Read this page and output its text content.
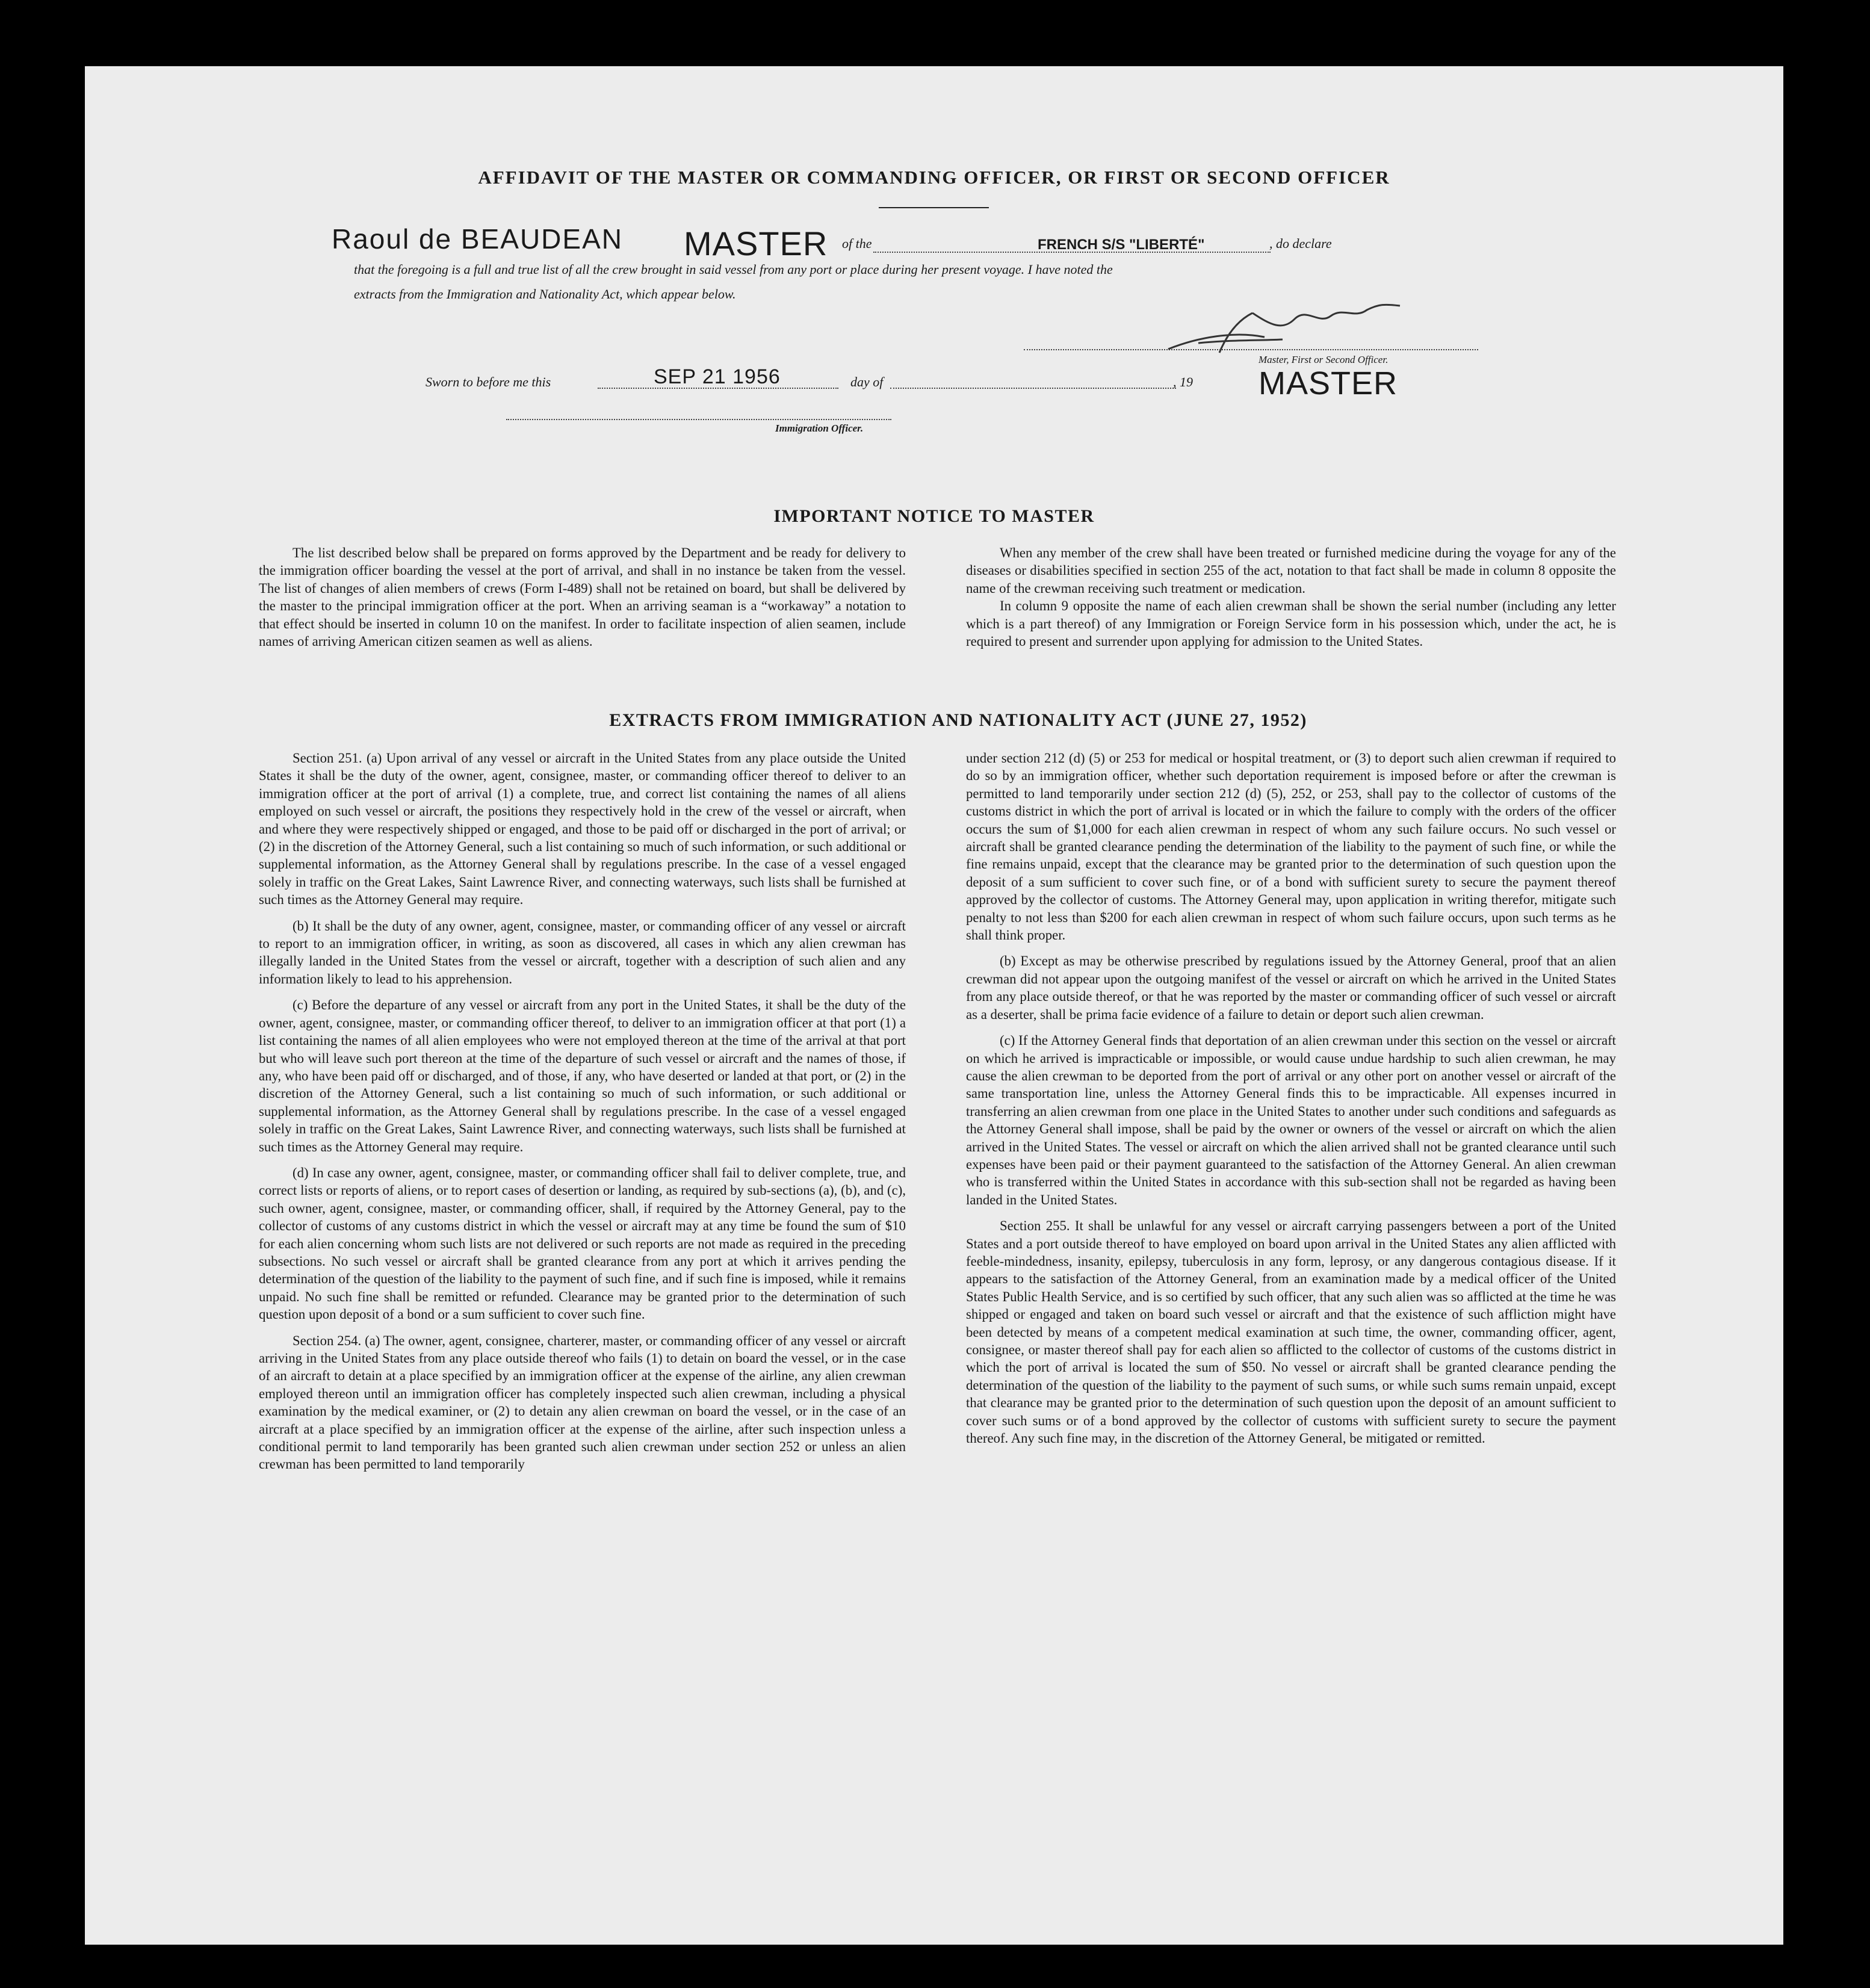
AFFIDAVIT OF THE MASTER OR COMMANDING OFFICER, OR FIRST OR SECOND OFFICER
Raoul de BEAUDEAN MASTER of the	FRENCH S/S "LIBERTÉ"	, do declare
that the foregoing is a full and true list of all the crew brought in said vessel from any port or place during her present voyage. I have noted the
extracts from the Immigration and Nationality Act, which appear below.
Master, First or Second Officer.
Sworn to before me this	SEP 21 1956	day of	, 19 MASTER
Immigration Officer.
IMPORTANT NOTICE TO MASTER

The list described below shall be prepared on forms approved by the Department and be ready for delivery to the immigration officer boarding the vessel at the port of arrival, and shall in no instance be taken from the vessel. The list of changes of alien members of crews (Form I-489) shall not be retained on board, but shall be delivered by the master to the principal immigration officer at the port. When an arriving seaman is a “workaway” a notation to that effect should be inserted in column 10 on the manifest. In order to facilitate inspection of alien seamen, include names of arriving American citizen seamen as well as aliens.

When any member of the crew shall have been treated or furnished medicine during the voyage for any of the diseases or disabilities specified in section 255 of the act, notation to that fact shall be made in column 8 opposite the name of the crewman receiving such treatment or medication.

In column 9 opposite the name of each alien crewman shall be shown the serial number (including any letter which is a part thereof) of any Immigration or Foreign Service form in his possession which, under the act, he is required to present and surrender upon applying for admission to the United States.

EXTRACTS FROM IMMIGRATION AND NATIONALITY ACT (JUNE 27, 1952)

Section 251. (a) Upon arrival of any vessel or aircraft in the United States from any place outside the United States it shall be the duty of the owner, agent, consignee, master, or commanding officer thereof to deliver to an immigration officer at the port of arrival (1) a complete, true, and correct list containing the names of all aliens employed on such vessel or aircraft, the positions they respectively hold in the crew of the vessel or aircraft, when and where they were respectively shipped or engaged, and those to be paid off or discharged in the port of arrival; or (2) in the discretion of the Attorney General, such a list containing so much of such information, or such additional or supplemental information, as the Attorney General shall by regulations prescribe. In the case of a vessel engaged solely in traffic on the Great Lakes, Saint Lawrence River, and connecting waterways, such lists shall be furnished at such times as the Attorney General may require.

(b) It shall be the duty of any owner, agent, consignee, master, or commanding officer of any vessel or aircraft to report to an immigration officer, in writing, as soon as discovered, all cases in which any alien crewman has illegally landed in the United States from the vessel or aircraft, together with a description of such alien and any information likely to lead to his apprehension.

(c) Before the departure of any vessel or aircraft from any port in the United States, it shall be the duty of the owner, agent, consignee, master, or commanding officer thereof, to deliver to an immigration officer at that port (1) a list containing the names of all alien employees who were not employed thereon at the time of the arrival at that port but who will leave such port thereon at the time of the departure of such vessel or aircraft and the names of those, if any, who have been paid off or discharged, and of those, if any, who have deserted or landed at that port, or (2) in the discretion of the Attorney General, such a list containing so much of such information, or such additional or supplemental information, as the Attorney General shall by regulations prescribe. In the case of a vessel engaged solely in traffic on the Great Lakes, Saint Lawrence River, and connecting waterways, such lists shall be furnished at such times as the Attorney General may require.

(d) In case any owner, agent, consignee, master, or commanding officer shall fail to deliver complete, true, and correct lists or reports of aliens, or to report cases of desertion or landing, as required by sub-sections (a), (b), and (c), such owner, agent, consignee, master, or commanding officer, shall, if required by the Attorney General, pay to the collector of customs of any customs district in which the vessel or aircraft may at any time be found the sum of $10 for each alien concerning whom such lists are not delivered or such reports are not made as required in the preceding subsections. No such vessel or aircraft shall be granted clearance from any port at which it arrives pending the determination of the question of the liability to the payment of such fine, and if such fine is imposed, while it remains unpaid. No such fine shall be remitted or refunded. Clearance may be granted prior to the determination of such question upon deposit of a bond or a sum sufficient to cover such fine.

Section 254. (a) The owner, agent, consignee, charterer, master, or commanding officer of any vessel or aircraft arriving in the United States from any place outside thereof who fails (1) to detain on board the vessel, or in the case of an aircraft to detain at a place specified by an immigration officer at the expense of the airline, any alien crewman employed thereon until an immigration officer has completely inspected such alien crewman, including a physical examination by the medical examiner, or (2) to detain any alien crewman on board the vessel, or in the case of an aircraft at a place specified by an immigration officer at the expense of the airline, after such inspection unless a conditional permit to land temporarily has been granted such alien crewman under section 252 or unless an alien crewman has been permitted to land temporarily

under section 212 (d) (5) or 253 for medical or hospital treatment, or (3) to deport such alien crewman if required to do so by an immigration officer, whether such deportation requirement is imposed before or after the crewman is permitted to land temporarily under section 212 (d) (5), 252, or 253, shall pay to the collector of customs of the customs district in which the port of arrival is located or in which the failure to comply with the orders of the officer occurs the sum of $1,000 for each alien crewman in respect of whom any such failure occurs. No such vessel or aircraft shall be granted clearance pending the determination of the liability to the payment of such fine, or while the fine remains unpaid, except that the clearance may be granted prior to the determination of such question upon the deposit of a sum sufficient to cover such fine, or of a bond with sufficient surety to secure the payment thereof approved by the collector of customs. The Attorney General may, upon application in writing therefor, mitigate such penalty to not less than $200 for each alien crewman in respect of whom such failure occurs, upon such terms as he shall think proper.

(b) Except as may be otherwise prescribed by regulations issued by the Attorney General, proof that an alien crewman did not appear upon the outgoing manifest of the vessel or aircraft on which he arrived in the United States from any place outside thereof, or that he was reported by the master or commanding officer of such vessel or aircraft as a deserter, shall be prima facie evidence of a failure to detain or deport such alien crewman.

(c) If the Attorney General finds that deportation of an alien crewman under this section on the vessel or aircraft on which he arrived is impracticable or impossible, or would cause undue hardship to such alien crewman, he may cause the alien crewman to be deported from the port of arrival or any other port on another vessel or aircraft of the same transportation line, unless the Attorney General finds this to be impracticable. All expenses incurred in transferring an alien crewman from one place in the United States to another under such conditions and safeguards as the Attorney General shall impose, shall be paid by the owner or owners of the vessel or aircraft on which the alien arrived in the United States. The vessel or aircraft on which the alien arrived shall not be granted clearance until such expenses have been paid or their payment guaranteed to the satisfaction of the Attorney General. An alien crewman who is transferred within the United States in accordance with this sub-section shall not be regarded as having been landed in the United States.

Section 255. It shall be unlawful for any vessel or aircraft carrying passengers between a port of the United States and a port outside thereof to have employed on board upon arrival in the United States any alien afflicted with feeble-mindedness, insanity, epilepsy, tuberculosis in any form, leprosy, or any dangerous contagious disease. If it appears to the satisfaction of the Attorney General, from an examination made by a medical officer of the United States Public Health Service, and is so certified by such officer, that any such alien was so afflicted at the time he was shipped or engaged and taken on board such vessel or aircraft and that the existence of such affliction might have been detected by means of a competent medical examination at such time, the owner, commanding officer, agent, consignee, or master thereof shall pay for each alien so afflicted to the collector of customs of the customs district in which the port of arrival is located the sum of $50. No vessel or aircraft shall be granted clearance pending the determination of the question of the liability to the payment of such sums, or while such sums remain unpaid, except that clearance may be granted prior to the determination of such question upon the deposit of an amount sufficient to cover such sums or of a bond approved by the collector of customs with sufficient surety to secure the payment thereof. Any such fine may, in the discretion of the Attorney General, be mitigated or remitted.
